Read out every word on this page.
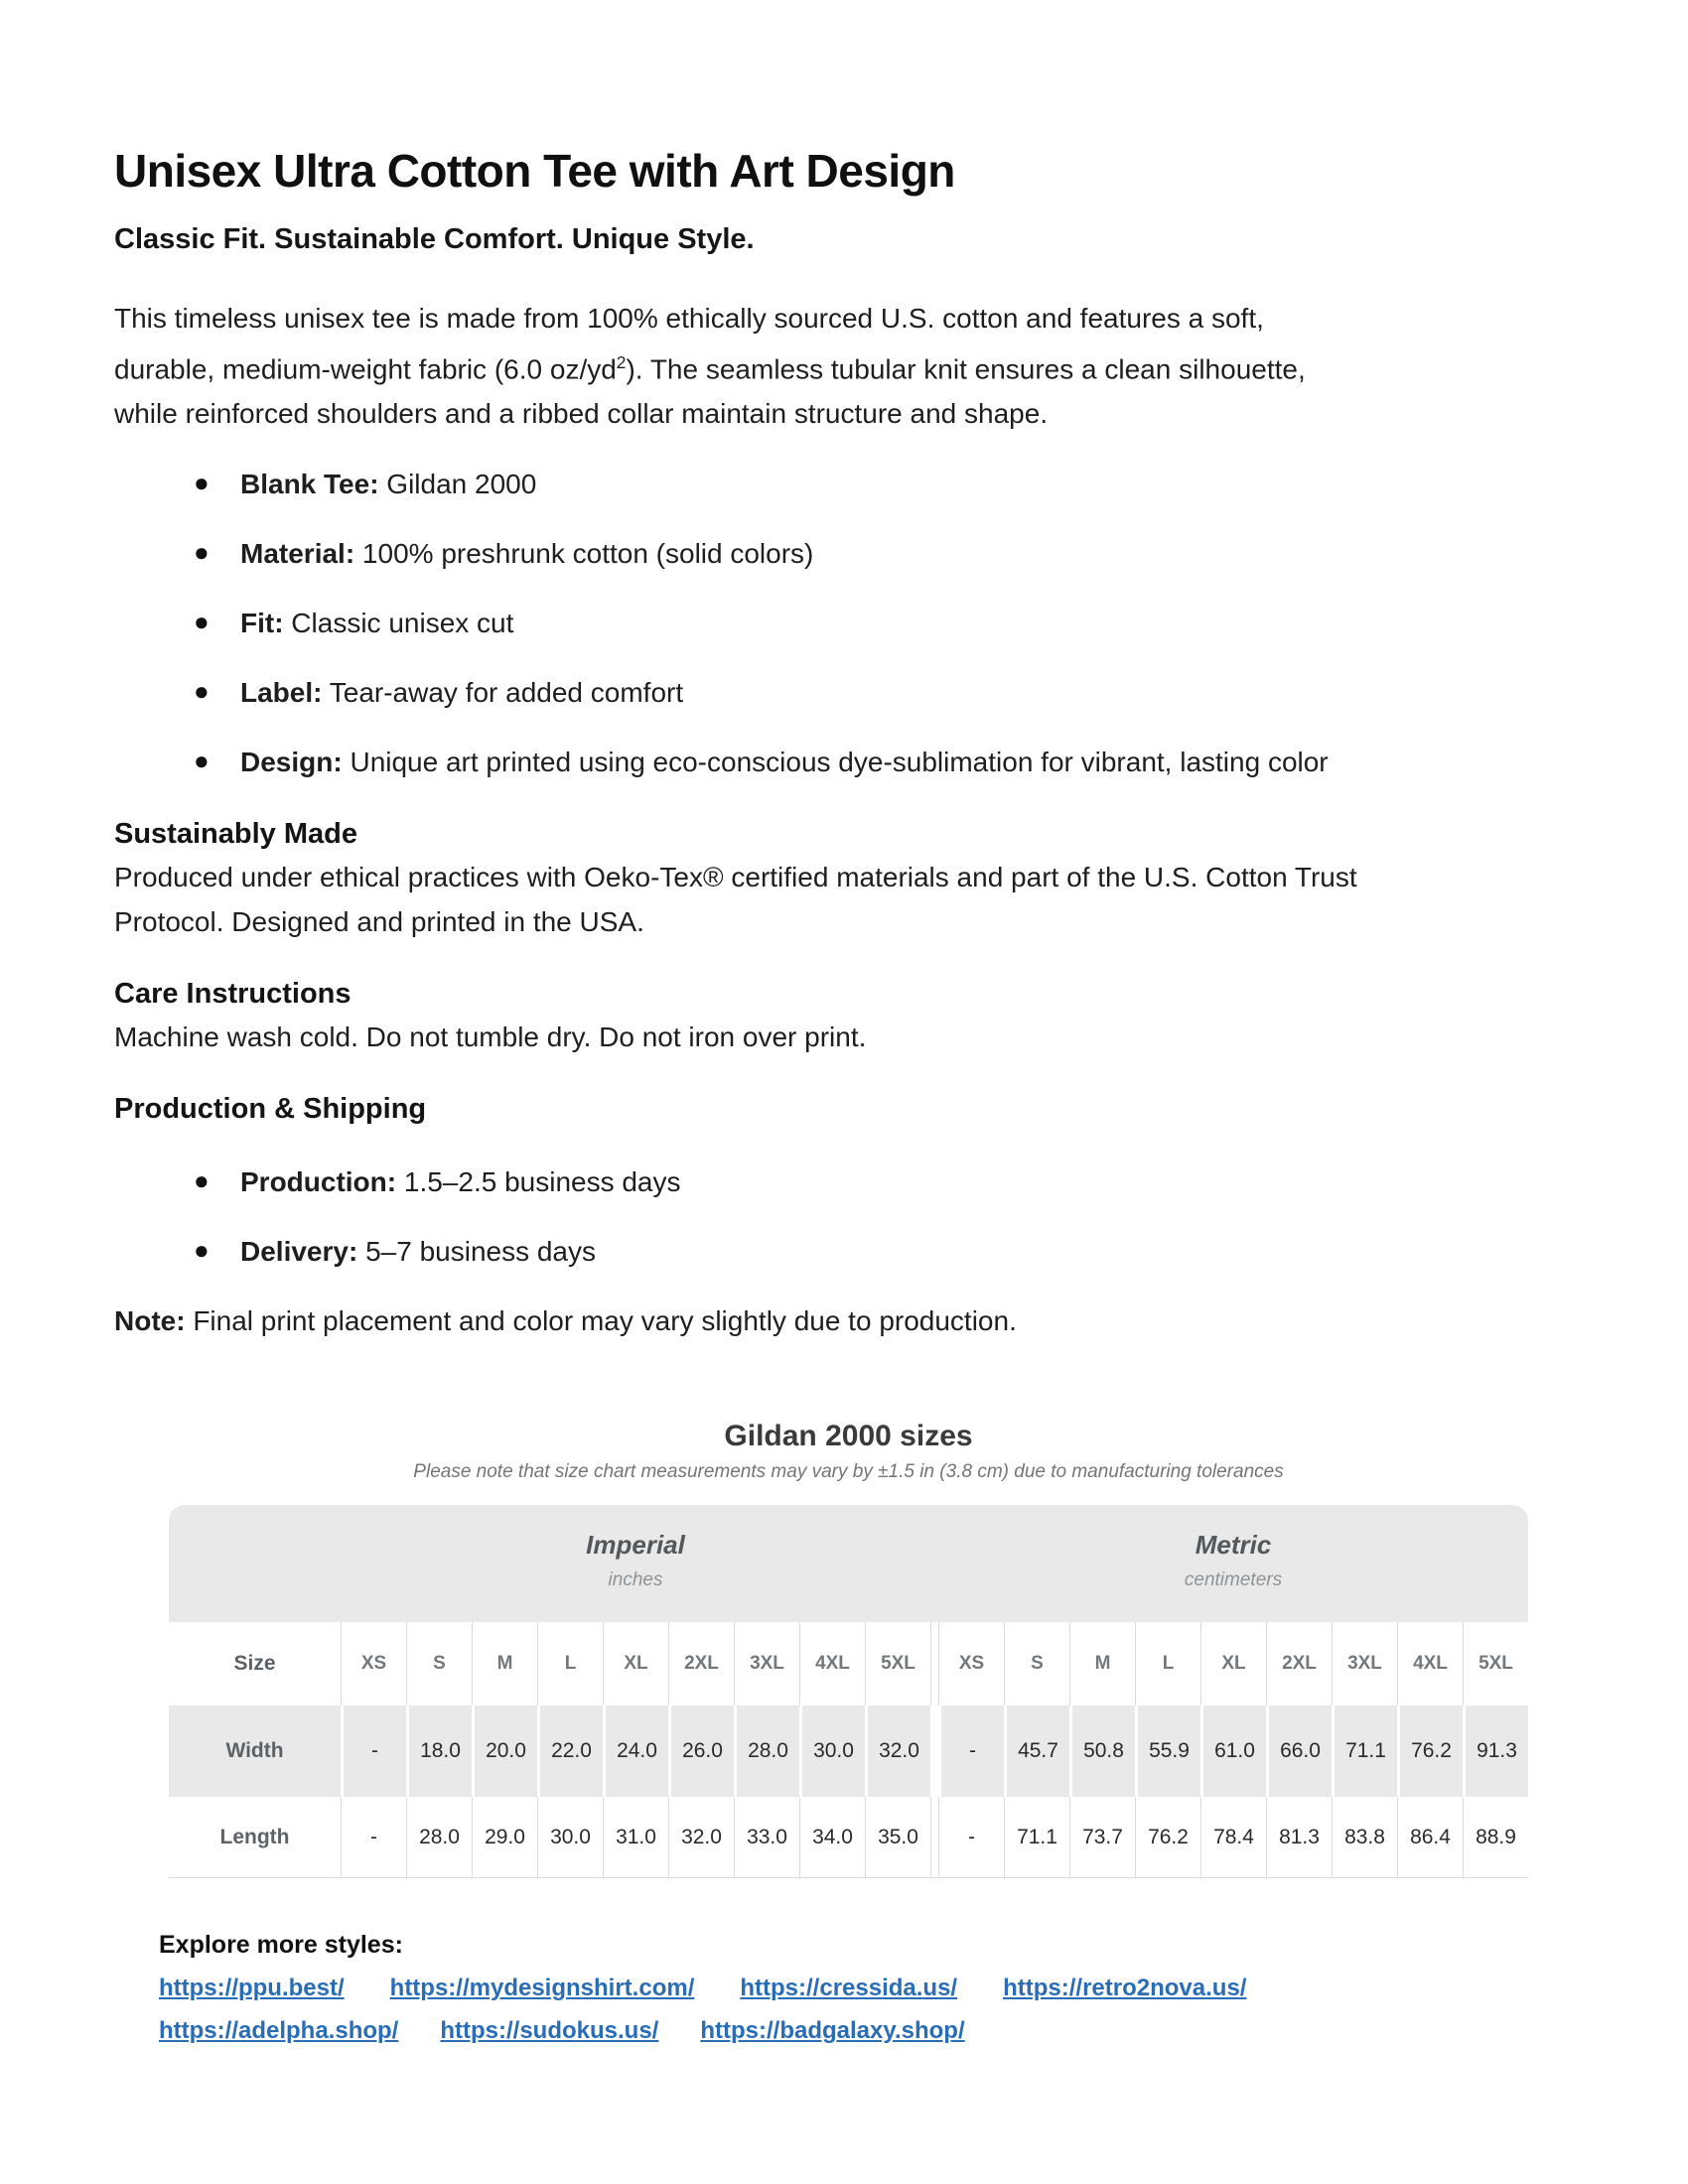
Unisex Ultra Cotton Tee with Art Design
Classic Fit. Sustainable Comfort. Unique Style.
This timeless unisex tee is made from 100% ethically sourced U.S. cotton and features a soft,
durable, medium-weight fabric (6.0 $oz/yd^2$). The seamless tubular knit ensures a clean silhouette,
while reinforced shoulders and a ribbed collar maintain structure and shape.
● Blank Tee: Gildan 2000
● Material: 100% preshrunk cotton (solid colors)
● Fit: Classic unisex cut
● Label: Tear-away for added comfort
● Design: Unique art printed using eco-conscious dye-sublimation for vibrant, lasting color
Sustainably Made
Produced under ethical practices with Oeko-Tex® certified materials and part of the U.S. Cotton Trust
Protocol. Designed and printed in the USA.
Care Instructions
Machine wash cold. Do not tumble dry. Do not iron over print.
Production & Shipping
● Production: 1.5–2.5 business days
● Delivery: 5–7 business days
Note: Final print placement and color may vary slightly due to production.
Gildan 2000 sizes
Please note that size chart measurements may vary by ±1.5 in (3.8 cm) due to manufacturing tolerances
Imperial
inches
Metric
centimeters
Size	XS	S	M	L	XL	2XL	3XL	4XL	5XL	XS	S	M	L	XL	2XL	3XL	4XL	5XL
Width	-	18.0	20.0	22.0	24.0	26.0	28.0	30.0	32.0	-	45.7	50.8	55.9	61.0	66.0	71.1	76.2	91.3
Length	-	28.0	29.0	30.0	31.0	32.0	33.0	34.0	35.0	-	71.1	73.7	76.2	78.4	81.3	83.8	86.4	88.9
Explore more styles:
https://ppu.best/ https://mydesignshirt.com/ https://cressida.us/ https://retro2nova.us/
https://adelpha.shop/ https://sudokus.us/ https://badgalaxy.shop/
